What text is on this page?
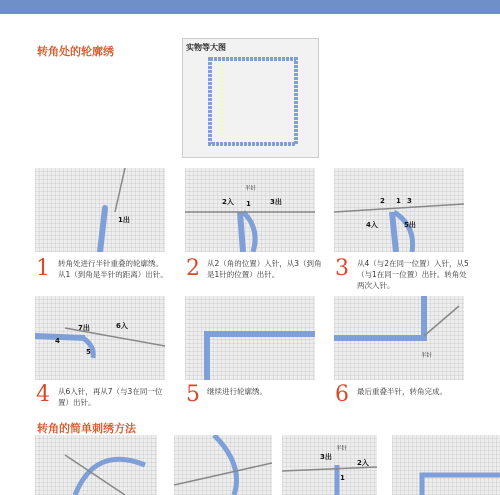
转角处的轮廓绣	实物等大图
1出
半针
2入 1	3出	2 1 3
4入	5出
1 转角处进行半针重叠的轮廓绣。
从1（到角是半针的距离）出针。 2 从2（角的位置）入针，从3（到角
是1针的位置）出针。	3 从4（与2在同一位置）入针，从5
（与1在同一位置）出针。转角处
两次入针。
7出	6入
4
5	半针
4 从6入针，再从7（与3在同一位
置）出针。	5 继续进行轮廓绣。	6 最后重叠半针，转角完成。
转角的简单刺绣方法
半针
3出
2入
1
